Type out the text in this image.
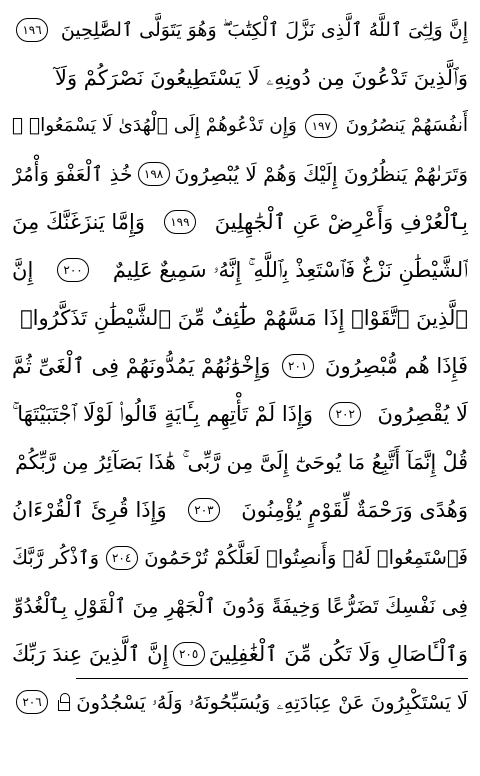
إِنَّ وَلِـِّۧىَ ٱللَّهُ ٱلَّذِى نَزَّلَ ٱلْكِتَٰبَ ۖ وَهُوَ يَتَوَلَّى ٱلصَّٰلِحِينَ
١٩٦
وَٱلَّذِينَ تَدْعُونَ مِن دُونِهِۦ لَا يَسْتَطِيعُونَ نَصْرَكُمْ وَلَآ
أَنفُسَهُمْ يَنصُرُونَ
١٩٧
وَإِن تَدْعُوهُمْ إِلَى ٱلْهُدَىٰ لَا يَسْمَعُوا۟ ۖ
وَتَرَىٰهُمْ يَنظُرُونَ إِلَيْكَ وَهُمْ لَا يُبْصِرُونَ
١٩٨
خُذِ ٱلْعَفْوَ وَأْمُرْ
بِٱلْعُرْفِ وَأَعْرِضْ عَنِ ٱلْجَٰهِلِينَ
١٩٩
وَإِمَّا يَنزَغَنَّكَ مِنَ
ٱلشَّيْطَٰنِ نَزْغٌ فَٱسْتَعِذْ بِٱللَّهِ ۚ إِنَّهُۥ سَمِيعٌ عَلِيمٌ
٢٠٠
إِنَّ
ٱلَّذِينَ ٱتَّقَوْا۟ إِذَا مَسَّهُمْ طَٰٓئِفٌ مِّنَ ٱلشَّيْطَٰنِ تَذَكَّرُوا۟
فَإِذَا هُم مُّبْصِرُونَ
٢٠١
وَإِخْوَٰنُهُمْ يَمُدُّونَهُمْ فِى ٱلْغَىِّ ثُمَّ
لَا يُقْصِرُونَ
٢٠٢
وَإِذَا لَمْ تَأْتِهِم بِـَٔايَةٍ قَالُوا۟ لَوْلَا ٱجْتَبَيْتَهَا ۚ
قُلْ إِنَّمَآ أَتَّبِعُ مَا يُوحَىٰٓ إِلَىَّ مِن رَّبِّى ۚ هَٰذَا بَصَآئِرُ مِن رَّبِّكُمْ
وَهُدًى وَرَحْمَةٌ لِّقَوْمٍ يُؤْمِنُونَ
٢٠٣
وَإِذَا قُرِئَ ٱلْقُرْءَانُ
فَٱسْتَمِعُوا۟ لَهُۥ وَأَنصِتُوا۟ لَعَلَّكُمْ تُرْحَمُونَ
٢٠٤
وَٱذْكُر رَّبَّكَ
فِى نَفْسِكَ تَضَرُّعًا وَخِيفَةً وَدُونَ ٱلْجَهْرِ مِنَ ٱلْقَوْلِ بِٱلْغُدُوِّ
وَٱلْـَٔاصَالِ وَلَا تَكُن مِّنَ ٱلْغَٰفِلِينَ
٢٠٥
إِنَّ ٱلَّذِينَ عِندَ رَبِّكَ
لَا يَسْتَكْبِرُونَ عَنْ عِبَادَتِهِۦ وَيُسَبِّحُونَهُۥ وَلَهُۥ يَسْجُدُونَ
٢٠٦
